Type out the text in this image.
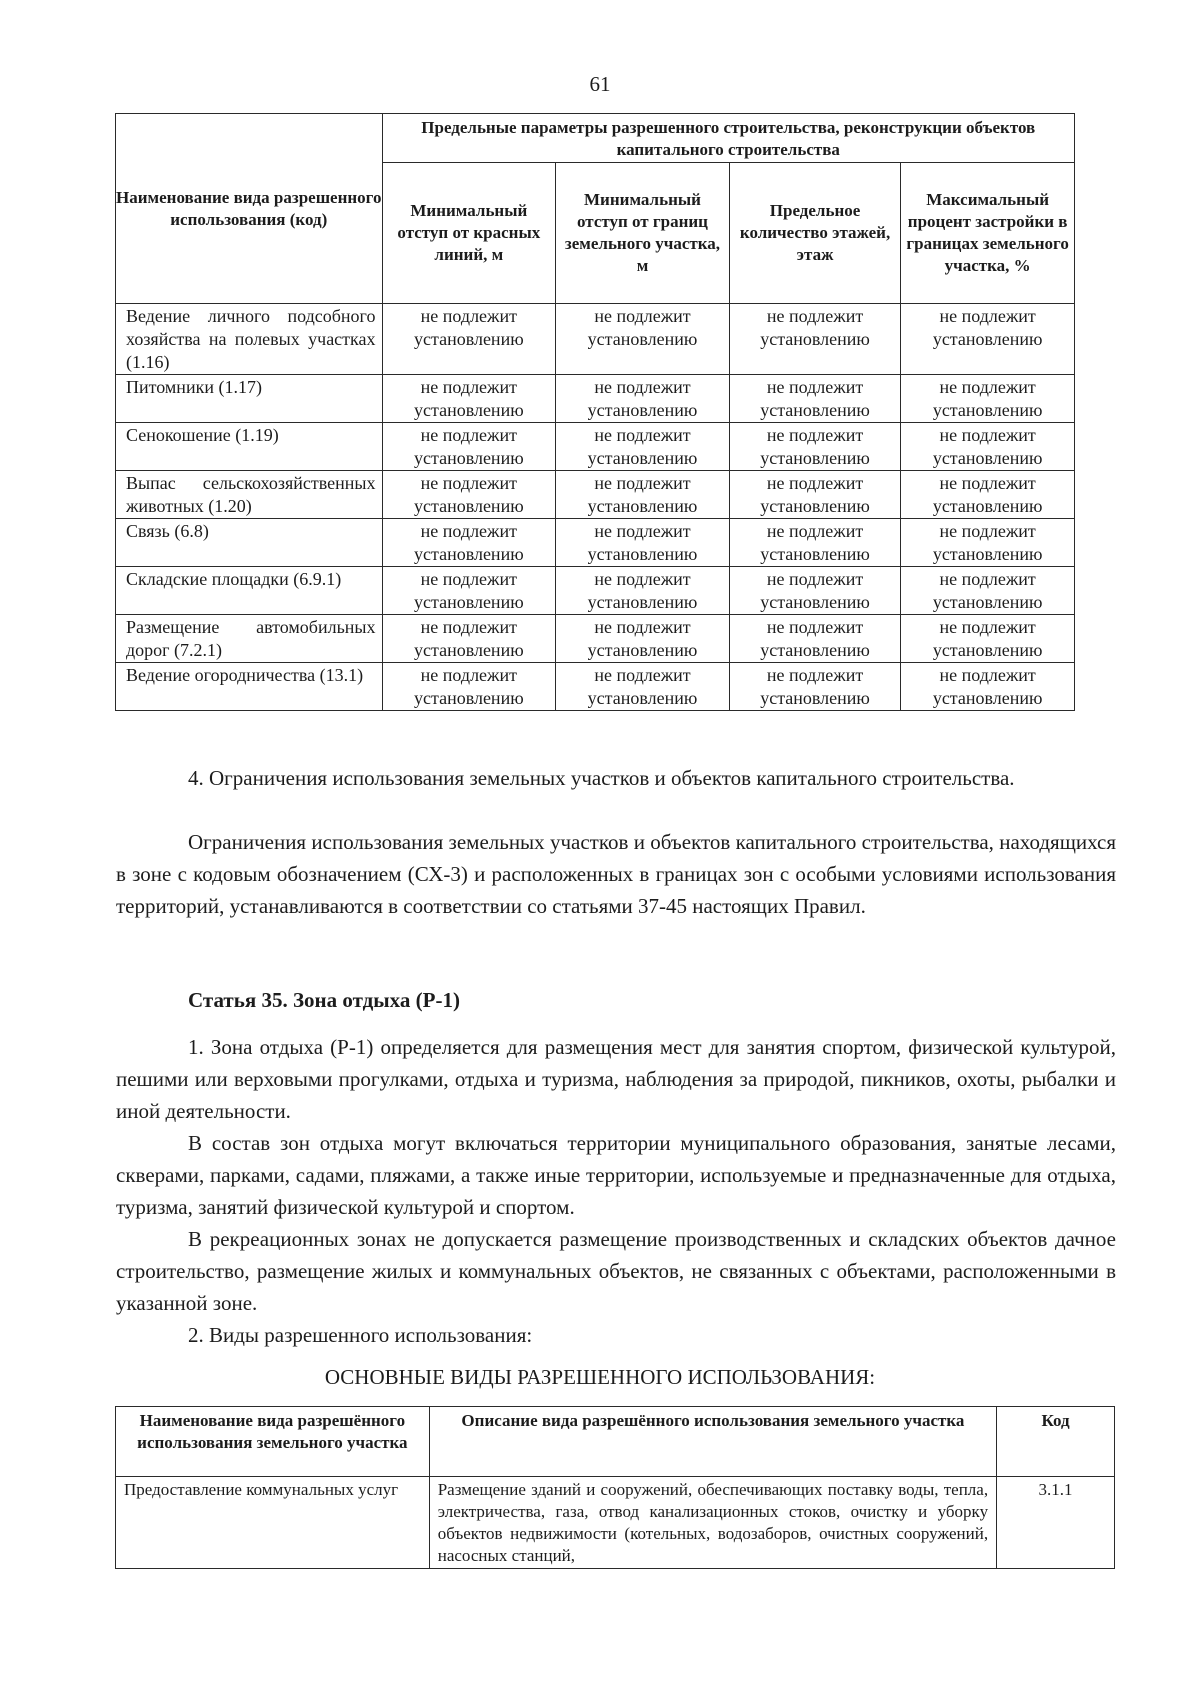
61
Наименование вида разрешенного использования (код)	Предельные параметры разрешенного строительства, реконструкции объектов капитального строительства			
	Минимальный отступ от красных линий, м	Минимальный отступ от границ земельного участка, м	Предельное количество этажей, этаж	Максимальный процент застройки в границах земельного участка, %
Ведение личного подсобного хозяйства на полевых участках (1.16)	не подлежит установлению	не подлежит установлению	не подлежит установлению	не подлежит установлению
Питомники (1.17)	не подлежит установлению	не подлежит установлению	не подлежит установлению	не подлежит установлению
Сенокошение (1.19)	не подлежит установлению	не подлежит установлению	не подлежит установлению	не подлежит установлению
Выпас сельскохозяйственных животных (1.20)	не подлежит установлению	не подлежит установлению	не подлежит установлению	не подлежит установлению
Связь (6.8)	не подлежит установлению	не подлежит установлению	не подлежит установлению	не подлежит установлению
Складские площадки (6.9.1)	не подлежит установлению	не подлежит установлению	не подлежит установлению	не подлежит установлению
Размещение автомобильных дорог (7.2.1)	не подлежит установлению	не подлежит установлению	не подлежит установлению	не подлежит установлению
Ведение огородничества (13.1)	не подлежит установлению	не подлежит установлению	не подлежит установлению	не подлежит установлению

4. Ограничения использования земельных участков и объектов капитального строительства.

Ограничения использования земельных участков и объектов капитального строительства, находящихся в зоне с кодовым обозначением (СХ-3) и расположенных в границах зон с особыми условиями использования территорий, устанавливаются в соответствии со статьями 37-45 настоящих Правил.

Статья 35. Зона отдыха (Р-1)

1. Зона отдыха (Р-1) определяется для размещения мест для занятия спортом, физической культурой, пешими или верховыми прогулками, отдыха и туризма, наблюдения за природой, пикников, охоты, рыбалки и иной деятельности.

В состав зон отдыха могут включаться территории муниципального образования, занятые лесами, скверами, парками, садами, пляжами, а также иные территории, используемые и предназначенные для отдыха, туризма, занятий физической культурой и спортом.

В рекреационных зонах не допускается размещение производственных и складских объектов дачное строительство, размещение жилых и коммунальных объектов, не связанных с объектами, расположенными в указанной зоне.

2. Виды разрешенного использования:

ОСНОВНЫЕ ВИДЫ РАЗРЕШЕННОГО ИСПОЛЬЗОВАНИЯ:

Наименование вида разрешённого использования земельного участка	Описание вида разрешённого использования земельного участка	Код
Предоставление коммунальных услуг	Размещение зданий и сооружений, обеспечивающих поставку воды, тепла, электричества, газа, отвод канализационных стоков, очистку и уборку объектов недвижимости (котельных, водозаборов, очистных сооружений, насосных станций,	3.1.1
